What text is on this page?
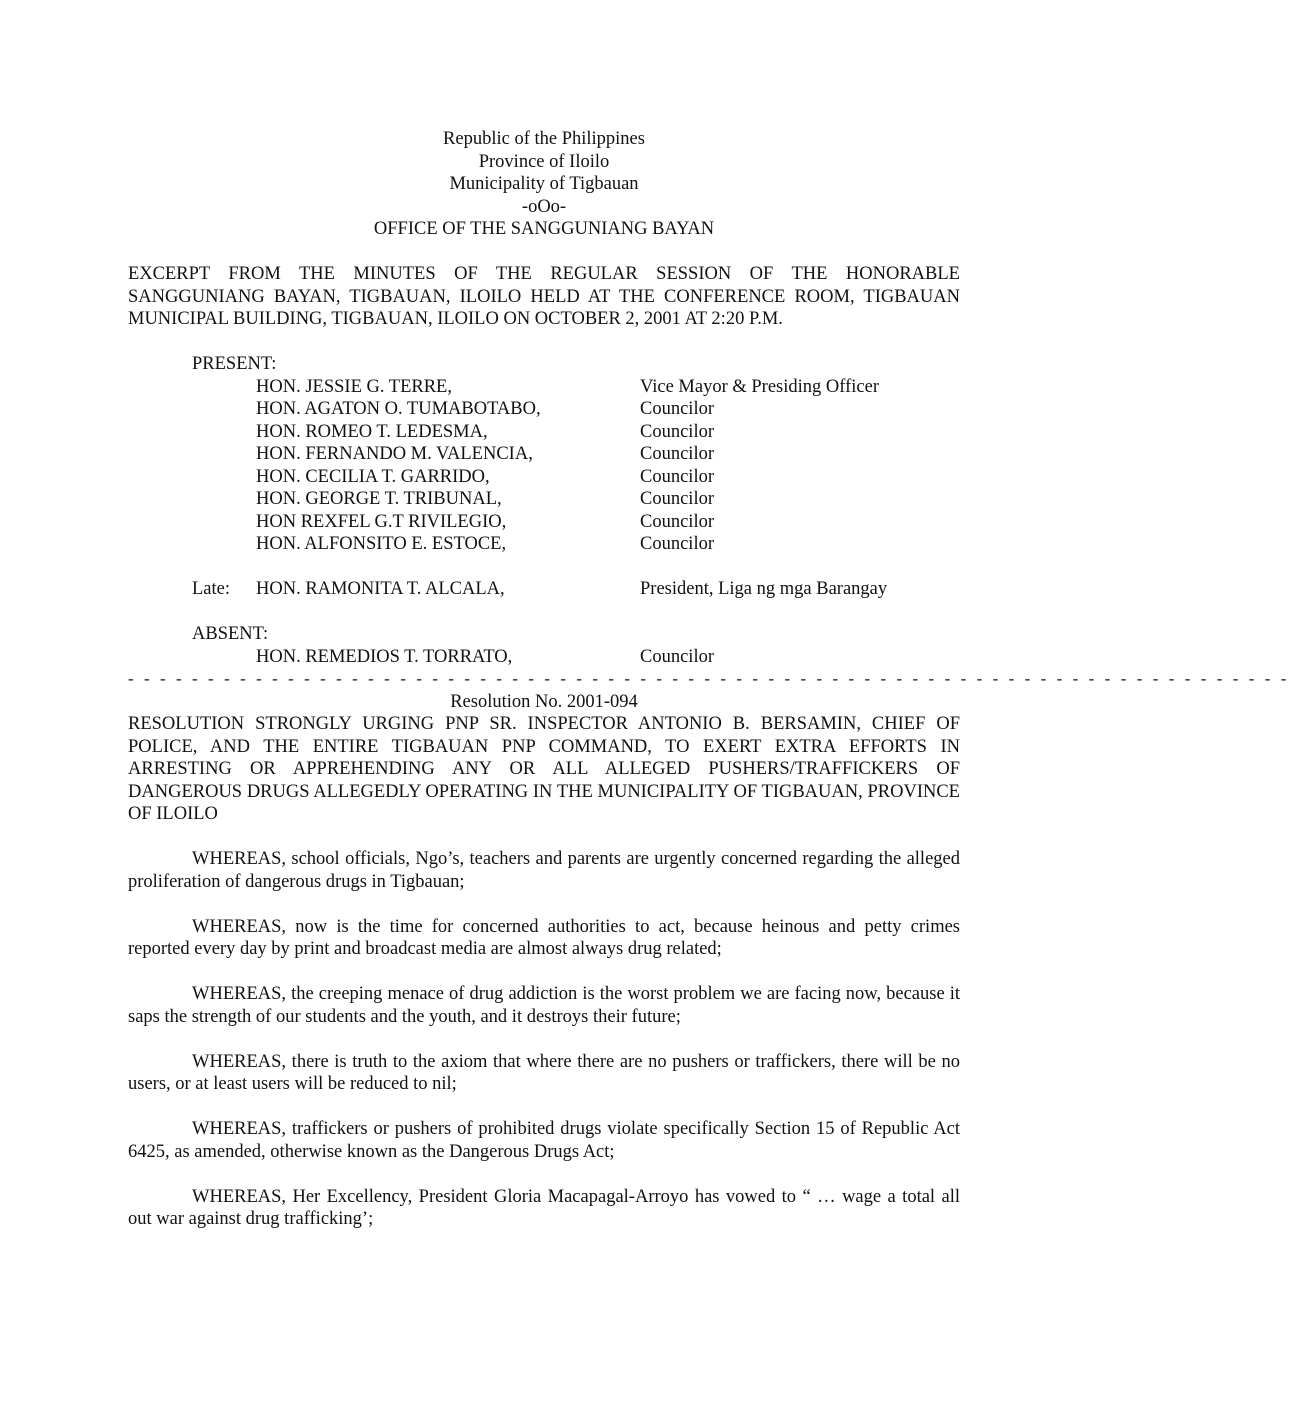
Republic of the Philippines
Province of Iloilo
Municipality of Tigbauan
-oOo-
OFFICE OF THE SANGGUNIANG BAYAN
EXCERPT FROM THE MINUTES OF THE REGULAR SESSION OF THE HONORABLE SANGGUNIANG BAYAN, TIGBAUAN, ILOILO HELD AT THE CONFERENCE ROOM, TIGBAUAN MUNICIPAL BUILDING, TIGBAUAN, ILOILO ON OCTOBER 2, 2001 AT 2:20 P.M.
PRESENT:
HON. JESSIE G. TERRE,	Vice Mayor & Presiding Officer
HON. AGATON O. TUMABOTABO,	Councilor
HON. ROMEO T. LEDESMA,	Councilor
HON. FERNANDO M. VALENCIA,	Councilor
HON. CECILIA T. GARRIDO,	Councilor
HON. GEORGE T. TRIBUNAL,	Councilor
HON REXFEL G.T RIVILEGIO,	Councilor
HON. ALFONSITO E. ESTOCE,	Councilor
Late: HON. RAMONITA T. ALCALA,	President, Liga ng mga Barangay
ABSENT:
HON. REMEDIOS T. TORRATO,	Councilor
- - - - - - - - - - - - - - - - - - - - - - - - - - - - - - - - - - - - - - - - - - - - - - - - - - - - - - - - - - - - - - - - - - - - - - - - -
Resolution No. 2001-094
RESOLUTION STRONGLY URGING PNP SR. INSPECTOR ANTONIO B. BERSAMIN, CHIEF OF POLICE, AND THE ENTIRE TIGBAUAN PNP COMMAND, TO EXERT EXTRA EFFORTS IN ARRESTING OR APPREHENDING ANY OR ALL ALLEGED PUSHERS/TRAFFICKERS OF DANGEROUS DRUGS ALLEGEDLY OPERATING IN THE MUNICIPALITY OF TIGBAUAN, PROVINCE OF ILOILO
WHEREAS, school officials, Ngo’s, teachers and parents are urgently concerned regarding the alleged proliferation of dangerous drugs in Tigbauan;
WHEREAS, now is the time for concerned authorities to act, because heinous and petty crimes reported every day by print and broadcast media are almost always drug related;
WHEREAS, the creeping menace of drug addiction is the worst problem we are facing now, because it saps the strength of our students and the youth, and it destroys their future;
WHEREAS, there is truth to the axiom that where there are no pushers or traffickers, there will be no users, or at least users will be reduced to nil;
WHEREAS, traffickers or pushers of prohibited drugs violate specifically Section 15 of Republic Act 6425, as amended, otherwise known as the Dangerous Drugs Act;
WHEREAS, Her Excellency, President Gloria Macapagal-Arroyo has vowed to “ … wage a total all out war against drug trafficking’;
